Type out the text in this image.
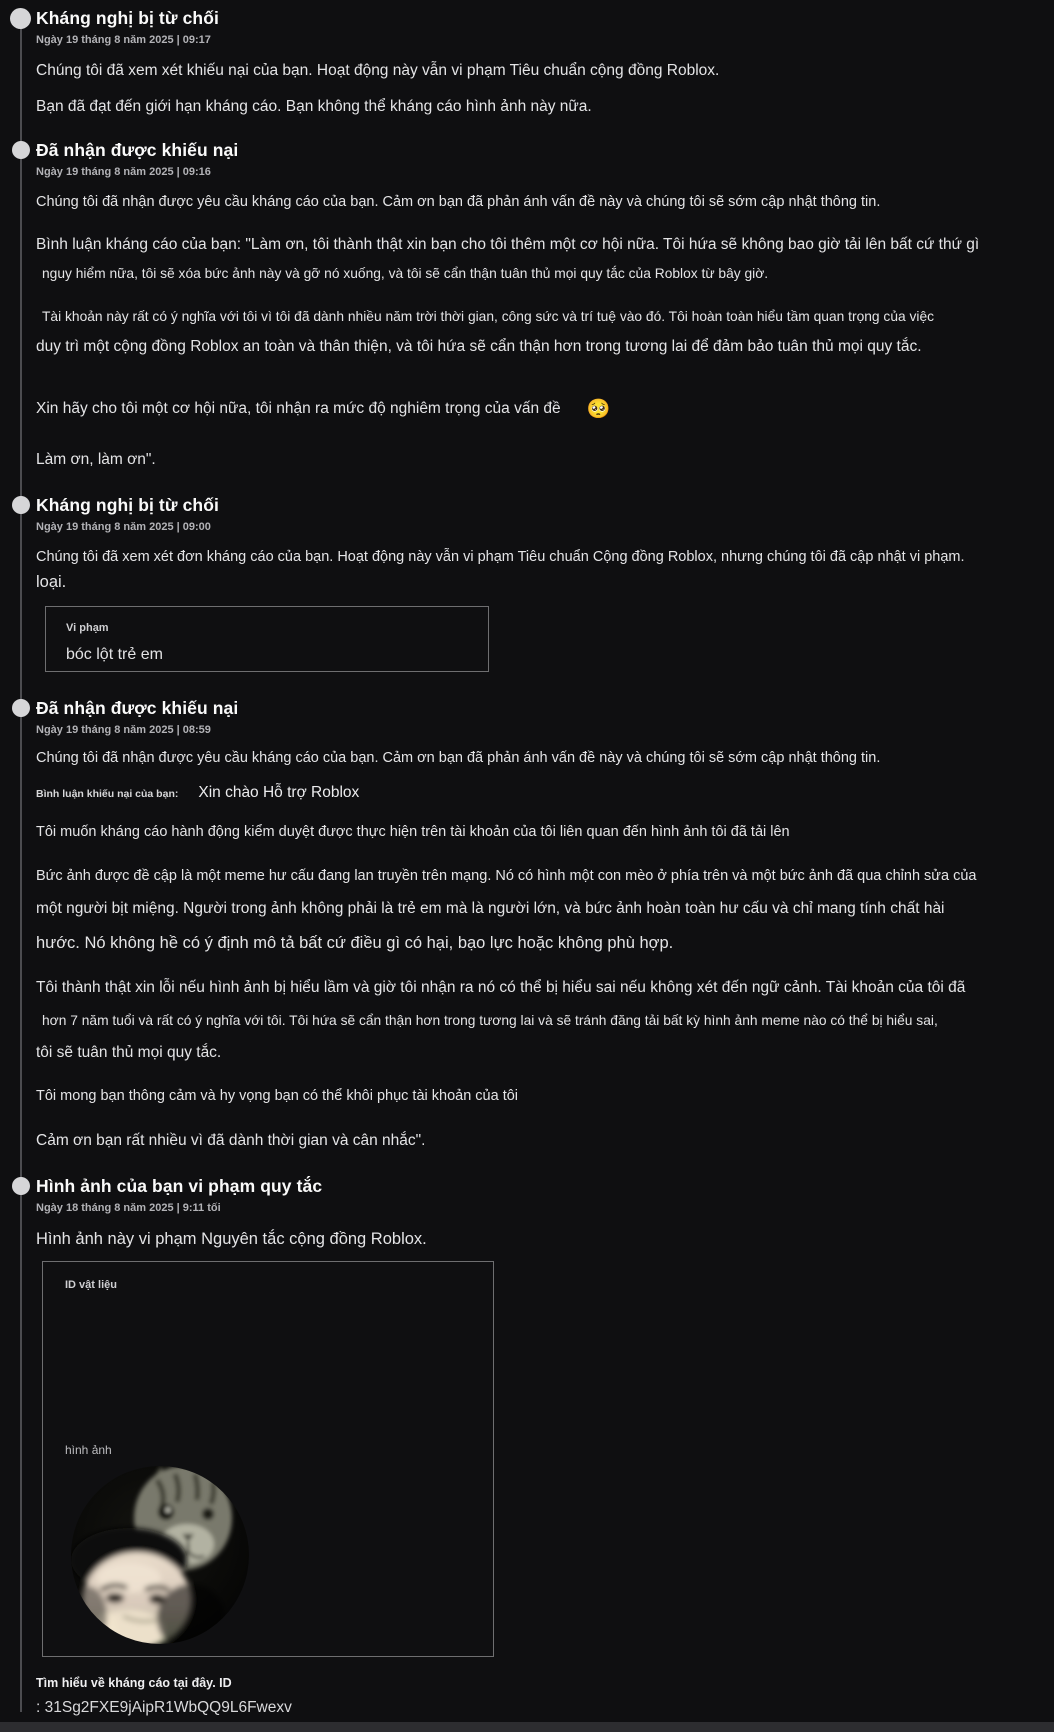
Kháng nghị bị từ chối
Ngày 19 tháng 8 năm 2025 | 09:17
Chúng tôi đã xem xét khiếu nại của bạn. Hoạt động này vẫn vi phạm Tiêu chuẩn cộng đồng Roblox.
Bạn đã đạt đến giới hạn kháng cáo. Bạn không thể kháng cáo hình ảnh này nữa.
Đã nhận được khiếu nại
Ngày 19 tháng 8 năm 2025 | 09:16
Chúng tôi đã nhận được yêu cầu kháng cáo của bạn. Cảm ơn bạn đã phản ánh vấn đề này và chúng tôi sẽ sớm cập nhật thông tin.
Bình luận kháng cáo của bạn: "Làm ơn, tôi thành thật xin bạn cho tôi thêm một cơ hội nữa. Tôi hứa sẽ không bao giờ tải lên bất cứ thứ gì
nguy hiểm nữa, tôi sẽ xóa bức ảnh này và gỡ nó xuống, và tôi sẽ cẩn thận tuân thủ mọi quy tắc của Roblox từ bây giờ.
Tài khoản này rất có ý nghĩa với tôi vì tôi đã dành nhiều năm trời thời gian, công sức và trí tuệ vào đó. Tôi hoàn toàn hiểu tầm quan trọng của việc
duy trì một cộng đồng Roblox an toàn và thân thiện, và tôi hứa sẽ cẩn thận hơn trong tương lai để đảm bảo tuân thủ mọi quy tắc.
Xin hãy cho tôi một cơ hội nữa, tôi nhận ra mức độ nghiêm trọng của vấn đề 🥺
Làm ơn, làm ơn".
Kháng nghị bị từ chối
Ngày 19 tháng 8 năm 2025 | 09:00
Chúng tôi đã xem xét đơn kháng cáo của bạn. Hoạt động này vẫn vi phạm Tiêu chuẩn Cộng đồng Roblox, nhưng chúng tôi đã cập nhật vi phạm.
loại.
Vi phạm
bóc lột trẻ em
Đã nhận được khiếu nại
Ngày 19 tháng 8 năm 2025 | 08:59
Chúng tôi đã nhận được yêu cầu kháng cáo của bạn. Cảm ơn bạn đã phản ánh vấn đề này và chúng tôi sẽ sớm cập nhật thông tin.
Bình luận khiếu nại của bạn: Xin chào Hỗ trợ Roblox
Tôi muốn kháng cáo hành động kiểm duyệt được thực hiện trên tài khoản của tôi liên quan đến hình ảnh tôi đã tải lên
Bức ảnh được đề cập là một meme hư cấu đang lan truyền trên mạng. Nó có hình một con mèo ở phía trên và một bức ảnh đã qua chỉnh sửa của
một người bịt miệng. Người trong ảnh không phải là trẻ em mà là người lớn, và bức ảnh hoàn toàn hư cấu và chỉ mang tính chất hài
hước. Nó không hề có ý định mô tả bất cứ điều gì có hại, bạo lực hoặc không phù hợp.
Tôi thành thật xin lỗi nếu hình ảnh bị hiểu lầm và giờ tôi nhận ra nó có thể bị hiểu sai nếu không xét đến ngữ cảnh. Tài khoản của tôi đã
hơn 7 năm tuổi và rất có ý nghĩa với tôi. Tôi hứa sẽ cẩn thận hơn trong tương lai và sẽ tránh đăng tải bất kỳ hình ảnh meme nào có thể bị hiểu sai,
tôi sẽ tuân thủ mọi quy tắc.
Tôi mong bạn thông cảm và hy vọng bạn có thể khôi phục tài khoản của tôi
Cảm ơn bạn rất nhiều vì đã dành thời gian và cân nhắc".
Hình ảnh của bạn vi phạm quy tắc
Ngày 18 tháng 8 năm 2025 | 9:11 tối
Hình ảnh này vi phạm Nguyên tắc cộng đồng Roblox.
ID vật liệu
hình ảnh
Tìm hiểu về kháng cáo tại đây. ID
: 31Sg2FXE9jAipR1WbQQ9L6Fwexv
